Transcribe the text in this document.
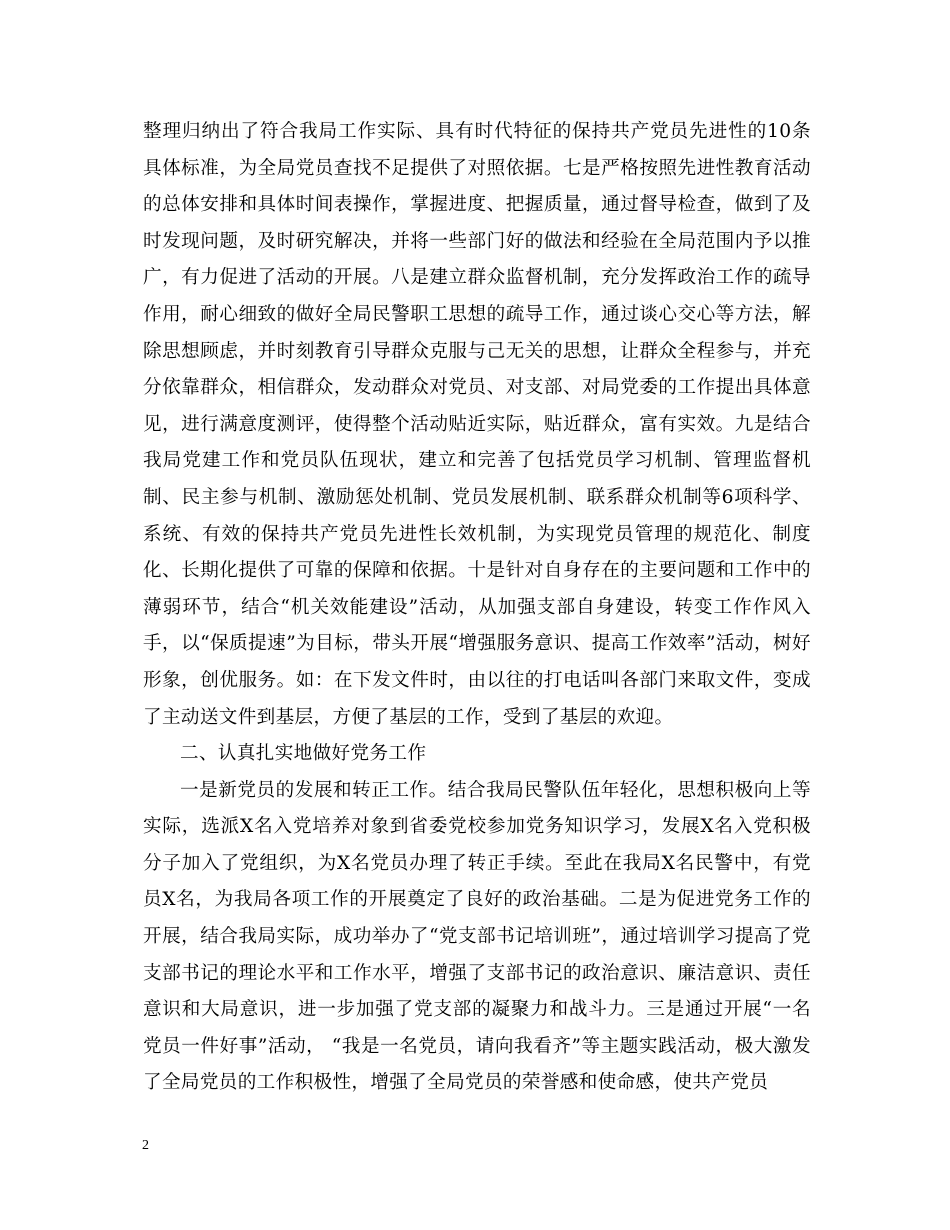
整理归纳出了符合我局工作实际、具有时代特征的保持共产党员先进性的10条具体标准，为全局党员查找不足提供了对照依据。七是严格按照先进性教育活动的总体安排和具体时间表操作，掌握进度、把握质量，通过督导检查，做到了及时发现问题，及时研究解决，并将一些部门好的做法和经验在全局范围内予以推广，有力促进了活动的开展。八是建立群众监督机制，充分发挥政治工作的疏导作用，耐心细致的做好全局民警职工思想的疏导工作，通过谈心交心等方法，解除思想顾虑，并时刻教育引导群众克服与己无关的思想，让群众全程参与，并充分依靠群众，相信群众，发动群众对党员、对支部、对局党委的工作提出具体意见，进行满意度测评，使得整个活动贴近实际，贴近群众，富有实效。九是结合我局党建工作和党员队伍现状，建立和完善了包括党员学习机制、管理监督机制、民主参与机制、激励惩处机制、党员发展机制、联系群众机制等6项科学、系统、有效的保持共产党员先进性长效机制，为实现党员管理的规范化、制度化、长期化提供了可靠的保障和依据。十是针对自身存在的主要问题和工作中的薄弱环节，结合“机关效能建设”活动，从加强支部自身建设，转变工作作风入手，以“保质提速”为目标，带头开展“增强服务意识、提高工作效率”活动，树好形象，创优服务。如：在下发文件时，由以往的打电话叫各部门来取文件，变成了主动送文件到基层，方便了基层的工作，受到了基层的欢迎。

二、认真扎实地做好党务工作

一是新党员的发展和转正工作。结合我局民警队伍年轻化，思想积极向上等实际，选派X名入党培养对象到省委党校参加党务知识学习，发展X名入党积极分子加入了党组织，为X名党员办理了转正手续。至此在我局X名民警中，有党员X名，为我局各项工作的开展奠定了良好的政治基础。二是为促进党务工作的开展，结合我局实际，成功举办了“党支部书记培训班”，通过培训学习提高了党支部书记的理论水平和工作水平，增强了支部书记的政治意识、廉洁意识、责任意识和大局意识，进一步加强了党支部的凝聚力和战斗力。三是通过开展“一名党员一件好事”活动， “我是一名党员，请向我看齐”等主题实践活动，极大激发了全局党员的工作积极性，增强了全局党员的荣誉感和使命感，使共产党员

2
